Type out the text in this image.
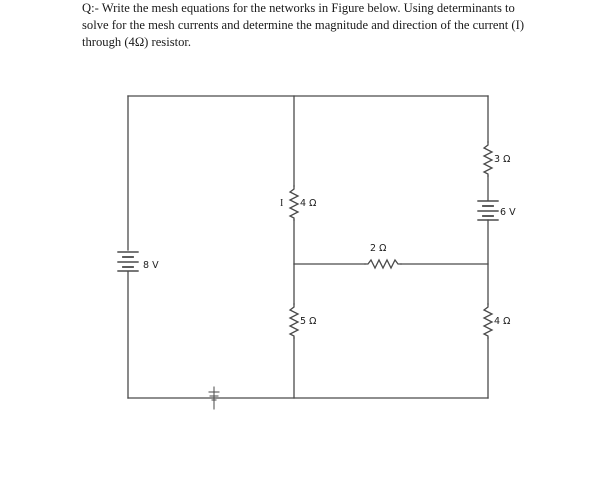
Q:- Write the mesh equations for the networks in Figure below. Using determinants to

solve for the mesh currents and determine the magnitude and direction of the current (I)

through (4Ω) resistor.

8 V
I 4 Ω
5 Ω
2 Ω
3 Ω
6 V
4 Ω
